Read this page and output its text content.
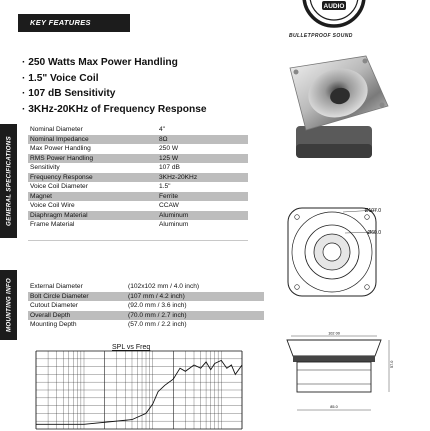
KEY FEATURES
AUDIO
BULLETPROOF SOUND
· 250 Watts Max Power Handling
· 1.5" Voice Coil
· 107 dB Sensitivity
· 3KHz-20KHz of Frequency Response
GENERAL SPECIFICATIONS
MOUNTING INFO
Nominal Diameter	4"
Nominal Impedance	8Ω
Max Power Handling	250 W
RMS Power Handling	125 W
Sensitivity	107 dB
Frequency Response	3KHz-20KHz
Voice Coil Diameter	1.5"
Magnet	Ferrite
Voice Coil Wire	CCAW
Diaphragm Material	Aluminum
Frame Material	Aluminum
External Diameter	(102x102 mm / 4.0 inch)
Bolt Circle Diameter	(107 mm / 4.2 inch)
Cutout Diameter	(92.0 mm / 3.6 inch)
Overall Depth	(70.0 mm / 2.7 inch)
Mounting Depth	(57.0 mm / 2.2 inch)
SPL vs Freq
Ø107.0
Ø60.0
102 00
57.0
85.0
